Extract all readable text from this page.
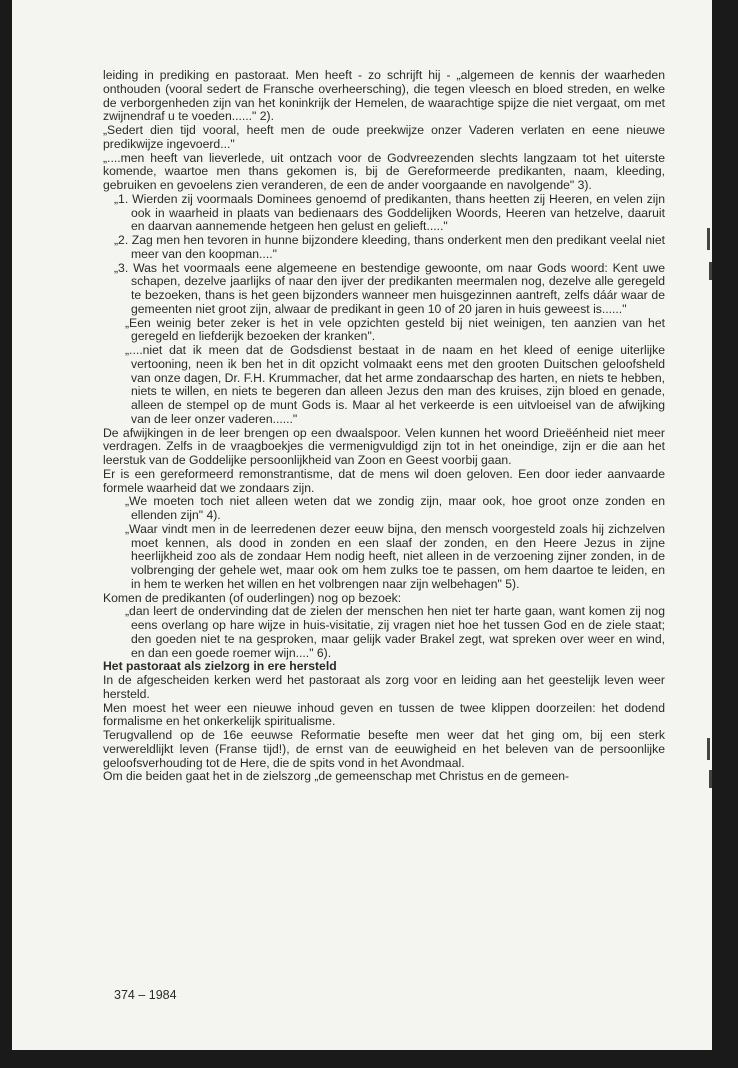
leiding in prediking en pastoraat. Men heeft - zo schrijft hij - „algemeen de kennis der waarheden onthouden (vooral sedert de Fransche overheersching), die tegen vleesch en bloed streden, en welke de verborgenheden zijn van het koninkrijk der Hemelen, de waarachtige spijze die niet vergaat, om met zwijnendraf u te voeden......" 2).

„Sedert dien tijd vooral, heeft men de oude preekwijze onzer Vaderen verlaten en eene nieuwe predikwijze ingevoerd..."

„....men heeft van lieverlede, uit ontzach voor de Godvreezenden slechts langzaam tot het uiterste komende, waartoe men thans gekomen is, bij de Gereformeerde predikanten, naam, kleeding, gebruiken en gevoelens zien veranderen, de een de ander voorgaande en navolgende" 3).

„1. Wierden zij voormaals Dominees genoemd of predikanten, thans heetten zij Heeren, en velen zijn ook in waarheid in plaats van bedienaars des Goddelijken Woords, Heeren van hetzelve, daaruit en daarvan aannemende hetgeen hen gelust en gelieft....."

„2. Zag men hen tevoren in hunne bijzondere kleeding, thans onderkent men den predikant veelal niet meer van den koopman...."

„3. Was het voormaals eene algemeene en bestendige gewoonte, om naar Gods woord: Kent uwe schapen, dezelve jaarlijks of naar den ijver der predikanten meermalen nog, dezelve alle geregeld te bezoeken, thans is het geen bijzonders wanneer men huisgezinnen aantreft, zelfs dáár waar de gemeenten niet groot zijn, alwaar de predikant in geen 10 of 20 jaren in huis geweest is......"

„Een weinig beter zeker is het in vele opzichten gesteld bij niet weinigen, ten aanzien van het geregeld en liefderijk bezoeken der kranken".

„....niet dat ik meen dat de Godsdienst bestaat in de naam en het kleed of eenige uiterlijke vertooning, neen ik ben het in dit opzicht volmaakt eens met den grooten Duitschen geloofsheld van onze dagen, Dr. F.H. Krummacher, dat het arme zondaarschap des harten, en niets te hebben, niets te willen, en niets te begeren dan alleen Jezus den man des kruises, zijn bloed en genade, alleen de stempel op de munt Gods is. Maar al het verkeerde is een uitvloeisel van de afwijking van de leer onzer vaderen......"

De afwijkingen in de leer brengen op een dwaalspoor. Velen kunnen het woord Drieëénheid niet meer verdragen. Zelfs in de vraagboekjes die vermenigvuldigd zijn tot in het oneindige, zijn er die aan het leerstuk van de Goddelijke persoonlijkheid van Zoon en Geest voorbij gaan.

Er is een gereformeerd remonstrantisme, dat de mens wil doen geloven. Een door ieder aanvaarde formele waarheid dat we zondaars zijn.

„We moeten toch niet alleen weten dat we zondig zijn, maar ook, hoe groot onze zonden en ellenden zijn" 4).

„Waar vindt men in de leerredenen dezer eeuw bijna, den mensch voorgesteld zoals hij zichzelven moet kennen, als dood in zonden en een slaaf der zonden, en den Heere Jezus in zijne heerlijkheid zoo als de zondaar Hem nodig heeft, niet alleen in de verzoening zijner zonden, in de volbrenging der gehele wet, maar ook om hem zulks toe te passen, om hem daartoe te leiden, en in hem te werken het willen en het volbrengen naar zijn welbehagen" 5).

Komen de predikanten (of ouderlingen) nog op bezoek:

„dan leert de ondervinding dat de zielen der menschen hen niet ter harte gaan, want komen zij nog eens overlang op hare wijze in huis-visitatie, zij vragen niet hoe het tussen God en de ziele staat; den goeden niet te na gesproken, maar gelijk vader Brakel zegt, wat spreken over weer en wind, en dan een goede roemer wijn...." 6).

Het pastoraat als zielzorg in ere hersteld

In de afgescheiden kerken werd het pastoraat als zorg voor en leiding aan het geestelijk leven weer hersteld.

Men moest het weer een nieuwe inhoud geven en tussen de twee klippen doorzeilen: het dodend formalisme en het onkerkelijk spiritualisme.

Terugvallend op de 16e eeuwse Reformatie besefte men weer dat het ging om, bij een sterk verwereldlijkt leven (Franse tijd!), de ernst van de eeuwigheid en het beleven van de persoonlijke geloofsverhouding tot de Here, die de spits vond in het Avondmaal.

Om die beiden gaat het in de zielszorg „de gemeenschap met Christus en de gemeen-

374 – 1984
